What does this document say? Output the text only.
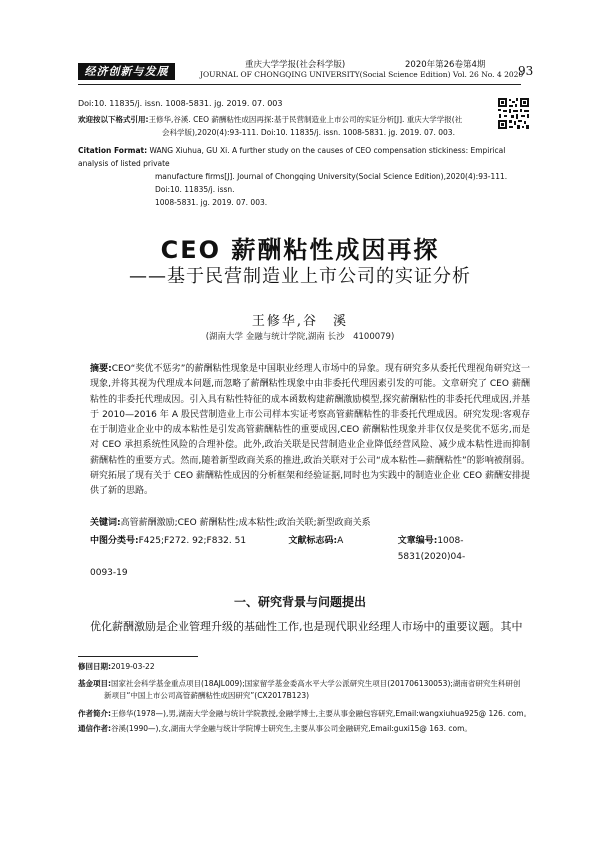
经济创新与发展	重庆大学学报(社会科学版)	2020年第26卷第4期
JOURNAL OF CHONGQING UNIVERSITY(Social Science Edition) Vol. 26 No. 4 2020
93
Doi:10. 11835/j. issn. 1008-5831. jg. 2019. 07. 003
欢迎按以下格式引用:王修华,谷溪. CEO 薪酬粘性成因再探:基于民营制造业上市公司的实证分析[J]. 重庆大学学报(社
会科学版),2020(4):93-111. Doi:10. 11835/j. issn. 1008-5831. jg. 2019. 07. 003.
Citation Format: WANG Xiuhua, GU Xi. A further study on the causes of CEO compensation stickiness: Empirical analysis of listed private
manufacture firms[J]. Journal of Chongqing University(Social Science Edition),2020(4):93-111. Doi:10. 11835/j. issn.
1008-5831. jg. 2019. 07. 003.
CEO 薪酬粘性成因再探
——基于民营制造业上市公司的实证分析
王修华,谷　溪
(湖南大学 金融与统计学院,湖南 长沙　4100079)
摘要:CEO“奖优不惩劣”的薪酬粘性现象是中国职业经理人市场中的异象。现有研究多从委托代理视角研究这一现象,并将其视为代理成本问题,而忽略了薪酬粘性现象中由非委托代理因素引发的可能。文章研究了 CEO 薪酬粘性的非委托代理成因。引入具有粘性特征的成本函数构建薪酬激励模型,探究薪酬粘性的非委托代理成因,并基于 2010—2016 年 A 股民营制造业上市公司样本实证考察高管薪酬粘性的非委托代理成因。研究发现:客观存在于制造业企业中的成本粘性是引发高管薪酬粘性的重要成因,CEO 薪酬粘性现象并非仅仅是奖优不惩劣,而是对 CEO 承担系统性风险的合理补偿。此外,政治关联是民营制造业企业降低经营风险、减少成本粘性进而抑制薪酬粘性的重要方式。然而,随着新型政商关系的推进,政治关联对于公司“成本粘性—薪酬粘性”的影响被削弱。研究拓展了现有关于 CEO 薪酬粘性成因的分析框架和经验证据,同时也为实践中的制造业企业 CEO 薪酬安排提供了新的思路。
关键词:高管薪酬激励;CEO 薪酬粘性;成本粘性;政治关联;新型政商关系
中图分类号:F425;F272. 92;F832. 51	文献标志码:A	文章编号:1008-5831(2020)04-
0093-19
一、研究背景与问题提出
优化薪酬激励是企业管理升级的基础性工作,也是现代职业经理人市场中的重要议题。其中
修回日期:2019-03-22
基金项目:国家社会科学基金重点项目(18AJL009);国家留学基金委高水平大学公派研究生项目(201706130053);湖南省研究生科研创
新项目“中国上市公司高管薪酬粘性成因研究”(CX2017B123)
作者简介:王修华(1978—),男,湖南大学金融与统计学院教授,金融学博士,主要从事金融包容研究,Email:wangxiuhua925@ 126. com。
通信作者:谷溪(1990—),女,湖南大学金融与统计学院博士研究生,主要从事公司金融研究,Email:guxi15@ 163. com。
